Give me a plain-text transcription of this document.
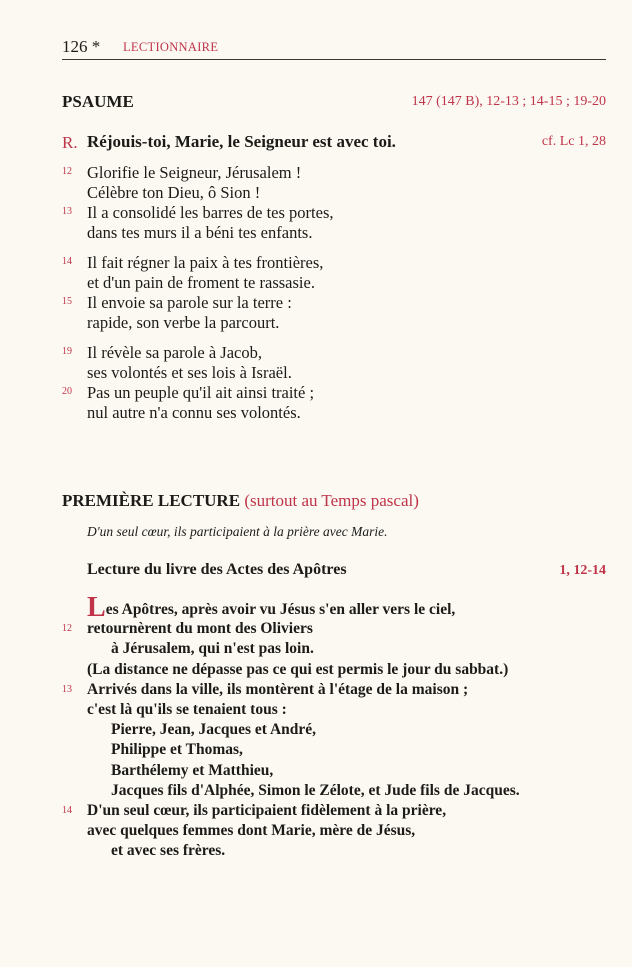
126 * LECTIONNAIRE
PSAUME	147 (147 B), 12-13 ; 14-15 ; 19-20
R. Réjouis-toi, Marie, le Seigneur est avec toi.	cf. Lc 1, 28
12 Glorifie le Seigneur, Jérusalem !
Célèbre ton Dieu, ô Sion !
13 Il a consolidé les barres de tes portes,
dans tes murs il a béni tes enfants.
14 Il fait régner la paix à tes frontières,
et d'un pain de froment te rassasie.
15 Il envoie sa parole sur la terre :
rapide, son verbe la parcourt.
19 Il révèle sa parole à Jacob,
ses volontés et ses lois à Israël.
20 Pas un peuple qu'il ait ainsi traité ;
nul autre n'a connu ses volontés.
PREMIÈRE LECTURE (surtout au Temps pascal)
D'un seul cœur, ils participaient à la prière avec Marie.
Lecture du livre des Actes des Apôtres	1, 12-14
Les Apôtres, après avoir vu Jésus s'en aller vers le ciel,
12 retournèrent du mont des Oliviers
à Jérusalem, qui n'est pas loin.
(La distance ne dépasse pas ce qui est permis le jour du sabbat.)
13 Arrivés dans la ville, ils montèrent à l'étage de la maison ;
c'est là qu'ils se tenaient tous :
Pierre, Jean, Jacques et André,
Philippe et Thomas,
Barthélemy et Matthieu,
Jacques fils d'Alphée, Simon le Zélote, et Jude fils de Jacques.
14 D'un seul cœur, ils participaient fidèlement à la prière,
avec quelques femmes dont Marie, mère de Jésus,
et avec ses frères.
